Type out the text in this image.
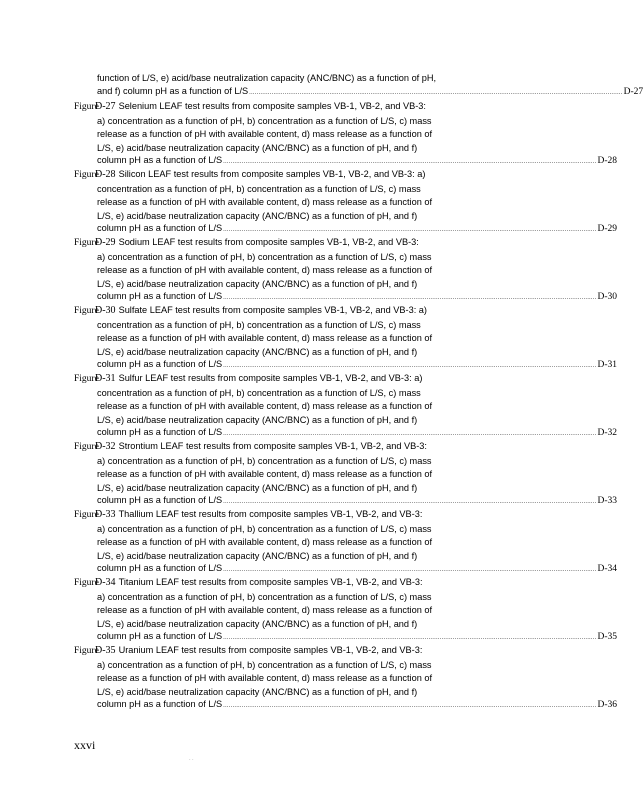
function of L/S, e) acid/base neutralization capacity (ANC/BNC) as a function of pH,
and f) column pH as a function of L/S ........................................................................................................................................................................................................ D-27
Figure
D-27 Selenium LEAF test results from composite samples VB-1, VB-2, and VB-3:
a) concentration as a function of pH, b) concentration as a function of L/S, c) mass
release as a function of pH with available content, d) mass release as a function of
L/S, e) acid/base neutralization capacity (ANC/BNC) as a function of pH, and f)
column pH as a function of L/S ........................................................................................................................................................................................................ D-28
Figure
D-28 Silicon LEAF test results from composite samples VB-1, VB-2, and VB-3: a)
concentration as a function of pH, b) concentration as a function of L/S, c) mass
release as a function of pH with available content, d) mass release as a function of
L/S, e) acid/base neutralization capacity (ANC/BNC) as a function of pH, and f)
column pH as a function of L/S ........................................................................................................................................................................................................ D-29
Figure
D-29 Sodium LEAF test results from composite samples VB-1, VB-2, and VB-3:
a) concentration as a function of pH, b) concentration as a function of L/S, c) mass
release as a function of pH with available content, d) mass release as a function of
L/S, e) acid/base neutralization capacity (ANC/BNC) as a function of pH, and f)
column pH as a function of L/S ........................................................................................................................................................................................................ D-30
Figure
D-30 Sulfate LEAF test results from composite samples VB-1, VB-2, and VB-3: a)
concentration as a function of pH, b) concentration as a function of L/S, c) mass
release as a function of pH with available content, d) mass release as a function of
L/S, e) acid/base neutralization capacity (ANC/BNC) as a function of pH, and f)
column pH as a function of L/S ........................................................................................................................................................................................................ D-31
Figure
D-31 Sulfur LEAF test results from composite samples VB-1, VB-2, and VB-3: a)
concentration as a function of pH, b) concentration as a function of L/S, c) mass
release as a function of pH with available content, d) mass release as a function of
L/S, e) acid/base neutralization capacity (ANC/BNC) as a function of pH, and f)
column pH as a function of L/S ........................................................................................................................................................................................................ D-32
Figure
D-32 Strontium LEAF test results from composite samples VB-1, VB-2, and VB-3:
a) concentration as a function of pH, b) concentration as a function of L/S, c) mass
release as a function of pH with available content, d) mass release as a function of
L/S, e) acid/base neutralization capacity (ANC/BNC) as a function of pH, and f)
column pH as a function of L/S ........................................................................................................................................................................................................ D-33
Figure
D-33 Thallium LEAF test results from composite samples VB-1, VB-2, and VB-3:
a) concentration as a function of pH, b) concentration as a function of L/S, c) mass
release as a function of pH with available content, d) mass release as a function of
L/S, e) acid/base neutralization capacity (ANC/BNC) as a function of pH, and f)
column pH as a function of L/S ........................................................................................................................................................................................................ D-34
Figure
D-34 Titanium LEAF test results from composite samples VB-1, VB-2, and VB-3:
a) concentration as a function of pH, b) concentration as a function of L/S, c) mass
release as a function of pH with available content, d) mass release as a function of
L/S, e) acid/base neutralization capacity (ANC/BNC) as a function of pH, and f)
column pH as a function of L/S ........................................................................................................................................................................................................ D-35
Figure
D-35 Uranium LEAF test results from composite samples VB-1, VB-2, and VB-3:
a) concentration as a function of pH, b) concentration as a function of L/S, c) mass
release as a function of pH with available content, d) mass release as a function of
L/S, e) acid/base neutralization capacity (ANC/BNC) as a function of pH, and f)
column pH as a function of L/S ........................................................................................................................................................................................................ D-36
xxvi
· ·
